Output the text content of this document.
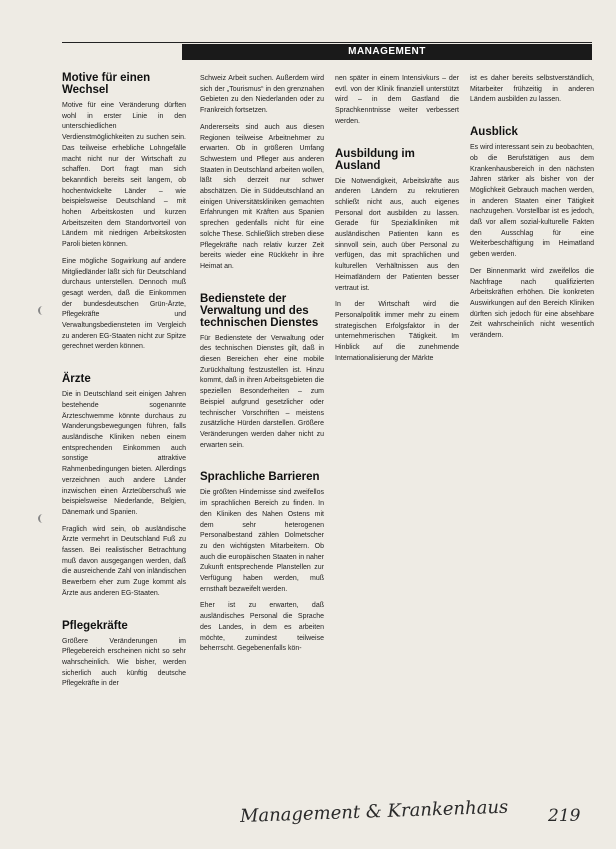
MANAGEMENT
Motive für einen Wechsel

Motive für eine Veränderung dürften wohl in erster Linie in den unterschiedlichen Verdienstmöglichkeiten zu suchen sein. Das teilweise erhebliche Lohngefälle macht nicht nur der Wirtschaft zu schaffen. Dort fragt man sich bekanntlich bereits seit langem, ob hochentwickelte Länder – wie beispielsweise Deutschland – mit hohen Arbeitskosten und kurzen Arbeitszeiten dem Standortvorteil von Ländern mit niedrigen Arbeitskosten Paroli bieten können.

Eine mögliche Sogwirkung auf andere Mitgliedländer läßt sich für Deutschland durchaus unterstellen. Dennoch muß gesagt werden, daß die Einkommen der bundesdeutschen Grün-Ärzte, Pflegekräfte und Verwaltungsbediensteten im Vergleich zu anderen EG-Staaten nicht zur Spitze gerechnet werden können.

Ärzte

Die in Deutschland seit einigen Jahren bestehende sogenannte Ärzteschwemme könnte durchaus zu Wanderungsbewegungen führen, falls ausländische Kliniken neben einem entsprechenden Einkommen auch sonstige attraktive Rahmenbedingungen bieten. Allerdings verzeichnen auch andere Länder inzwischen einen Ärzteüberschuß wie beispielsweise Niederlande, Belgien, Dänemark und Spanien.

Fraglich wird sein, ob ausländische Ärzte vermehrt in Deutschland Fuß zu fassen. Bei realistischer Betrachtung muß davon ausgegangen werden, daß die ausreichende Zahl von inländischen Bewerbern eher zum Zuge kommt als Ärzte aus anderen EG-Staaten.

Pflegekräfte

Größere Veränderungen im Pflegebereich erscheinen nicht so sehr wahrscheinlich. Wie bisher, werden sicherlich auch künftig deutsche Pflegekräfte in der

Schweiz Arbeit suchen. Außerdem wird sich der „Tourismus“ in den grenznahen Gebieten zu den Niederlanden oder zu Frankreich fortsetzen.

Andererseits sind auch aus diesen Regionen teilweise Arbeitnehmer zu erwarten. Ob in größeren Umfang Schwestern und Pfleger aus anderen Staaten in Deutschland arbeiten wollen, läßt sich derzeit nur schwer abschätzen. Die in Süddeutschland an einigen Universitätskliniken gemachten Erfahrungen mit Kräften aus Spanien sprechen gedenfalls nicht für eine solche These. Schließlich streben diese Pflegekräfte nach relativ kurzer Zeit bereits wieder eine Rückkehr in ihre Heimat an.

Bedienstete der Verwaltung und des technischen Dienstes

Für Bedienstete der Verwaltung oder des technischen Dienstes gilt, daß in diesen Bereichen eher eine mobile Zurückhaltung festzustellen ist. Hinzu kommt, daß in ihren Arbeitsgebieten die speziellen Besonderheiten – zum Beispiel aufgrund gesetzlicher oder technischer Vorschriften – meistens zusätzliche Hürden darstellen. Größere Veränderungen werden daher nicht zu erwarten sein.

Sprachliche Barrieren

Die größten Hindernisse sind zweifellos im sprachlichen Bereich zu finden. In den Kliniken des Nahen Ostens mit dem sehr heterogenen Personalbestand zählen Dolmetscher zu den wichtigsten Mitarbeitern. Ob auch die europäischen Staaten in naher Zukunft entsprechende Planstellen zur Verfügung haben werden, muß ernsthaft bezweifelt werden.

Eher ist zu erwarten, daß ausländisches Personal die Sprache des Landes, in dem es arbeiten möchte, zumindest teilweise beherrscht. Gegebenenfalls kön-

nen später in einem Intensivkurs – der evtl. von der Klinik finanziell unterstützt wird – in dem Gastland die Sprachkenntnisse weiter verbessert werden.

Ausbildung im Ausland

Die Notwendigkeit, Arbeitskräfte aus anderen Ländern zu rekrutieren schließt nicht aus, auch eigenes Personal dort ausbilden zu lassen. Gerade für Spezialkliniken mit ausländischen Patienten kann es sinnvoll sein, auch über Personal zu verfügen, das mit sprachlichen und kulturellen Verhältnissen aus den Heimatländern der Patienten besser vertraut ist.

In der Wirtschaft wird die Personalpolitik immer mehr zu einem strategischen Erfolgsfaktor in der unternehmerischen Tätigkeit. Im Hinblick auf die zunehmende Internationalisierung der Märkte

ist es daher bereits selbstverständlich, Mitarbeiter frühzeitig in anderen Ländern ausbilden zu lassen.

Ausblick

Es wird interessant sein zu beobachten, ob die Berufstätigen aus dem Krankenhausbereich in den nächsten Jahren stärker als bisher von der Möglichkeit Gebrauch machen werden, in anderen Staaten einer Tätigkeit nachzugehen. Vorstellbar ist es jedoch, daß vor allem sozial-kulturelle Fakten den Ausschlag für eine Weiterbeschäftigung im Heimatland geben werden.

Der Binnenmarkt wird zweifellos die Nachfrage nach qualifizierten Arbeitskräften erhöhen. Die konkreten Auswirkungen auf den Bereich Kliniken dürften sich jedoch für eine absehbare Zeit wahrscheinlich nicht wesentlich verändern.

Management & Krankenhaus 219
